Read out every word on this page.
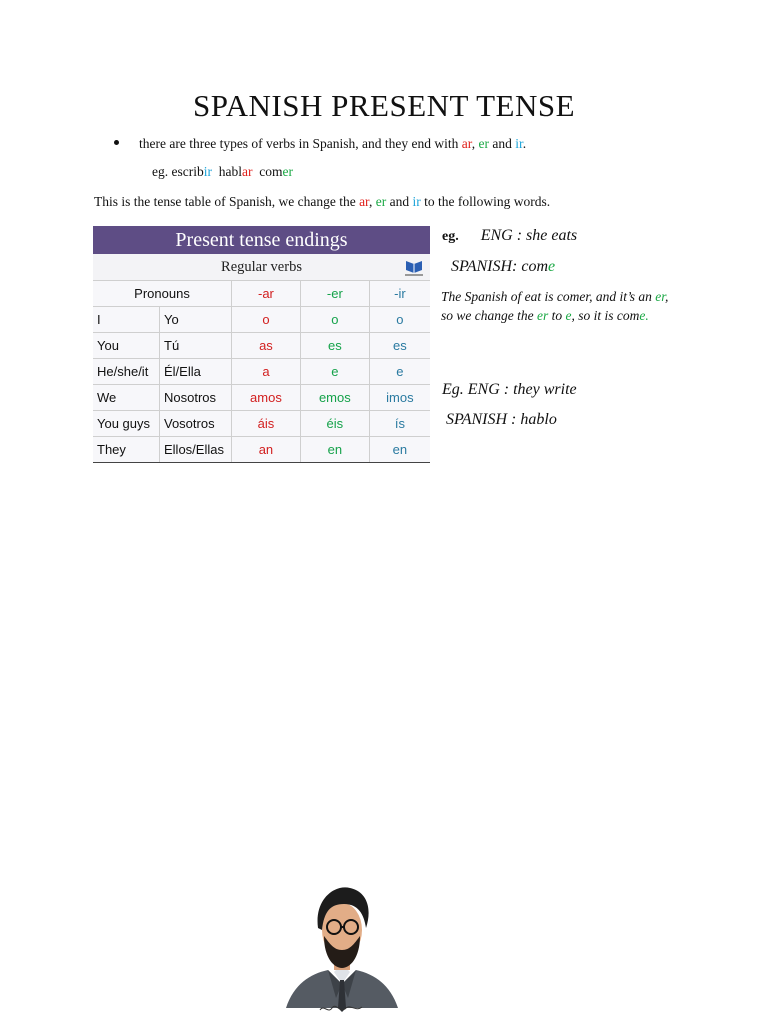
SPANISH PRESENT TENSE
there are three types of verbs in Spanish, and they end with ar, er and ir.
eg. escribir hablar comer
This is the tense table of Spanish, we change the ar, er and ir to the following words.
Present tense endings
Regular verbs
Pronouns		-ar	-er	-ir
I	Yo	o	o	o
You	Tú	as	es	es
He/she/it	Él/Ella	a	e	e
We	Nosotros	amos	emos	imos
You guys	Vosotros	áis	éis	ís
They	Ellos/Ellas	an	en	en
eg. ENG : she eats
SPANISH: come
The Spanish of eat is comer, and it’s an er, so we change the er to e, so it is come.
Eg. ENG : they write
SPANISH : hablo
